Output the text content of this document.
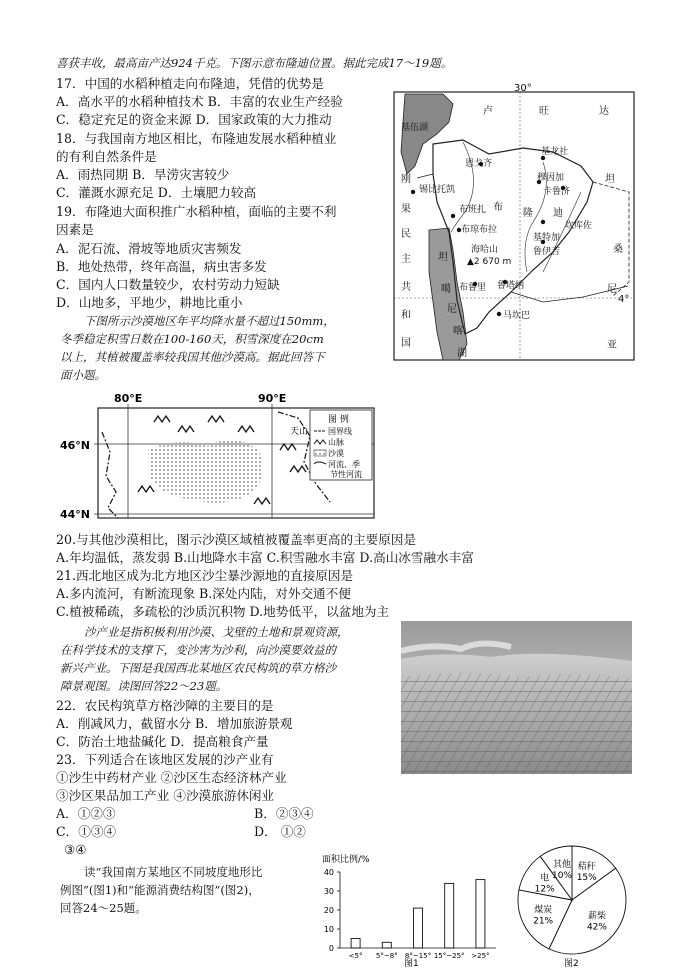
喜获丰收，最高亩产达924千克。下图示意布隆迪位置。据此完成17～19题。
17．中国的水稻种植走向布隆迪，凭借的优势是
A．高水平的水稻种植技术 B．丰富的农业生产经验
C．稳定充足的资金来源 D．国家政策的大力推动
18．与我国南方地区相比，布隆迪发展水稻种植业
的有利自然条件是
A．雨热同期 B．旱涝灾害较少
C．灌溉水源充足 D．土壤肥力较高
19．布隆迪大面积推广水稻种植，面临的主要不利
因素是
A．泥石流、滑坡等地质灾害频发
B．地处热带，终年高温，病虫害多发
C．国内人口数量较少，农村劳动力短缺
D．山地多，平地少，耕地比重小
下图所示沙漠地区年平均降水量不超过150mm，
冬季稳定积雪日数在100-160天，积雪深度在20cm
以上，其植被覆盖率较我国其他沙漠高。据此回答下
面小题。
30°
4°
卢	旺	达
基伍湖
基龙社
穆因加
锡比托凯
恩戈齐
卡鲁济
布班扎 布
隆 迪
布琼布拉	坎库佐
基特加
鲁伊吉
海哈山
▲2 670 m
布鲁里 鲁塔纳
马坎巴
坦
噶
尼
喀
湖
刚
果
民
主
共
和
国
坦
桑
尼
亚
80°E	90°E
46°N
44°N
天山
图 例
国界线
山脉
沙漠
河流、季
节性河流
20.与其他沙漠相比，图示沙漠区域植被覆盖率更高的主要原因是
A.年均温低，蒸发弱 B.山地降水丰富 C.积雪融水丰富 D.高山冰雪融水丰富
21.西北地区成为北方地区沙尘暴沙源地的直接原因是
A.多内流河，有断流现象 B.深处内陆，对外交通不便
C.植被稀疏，多疏松的沙质沉积物 D.地势低平，以盆地为主
沙产业是指积极利用沙漠、戈壁的土地和景观资源，
在科学技术的支撑下，变沙害为沙利，向沙漠要效益的
新兴产业。下图是我国西北某地区农民构筑的草方格沙
障景观图。读图回答22～23题。
22．农民构筑草方格沙障的主要目的是
A．削减风力，截留水分 B．增加旅游景观
C．防治土地盐碱化 D．提高粮食产量
23．下列适合在该地区发展的沙产业有
①沙生中药材产业 ②沙区生态经济林产业
③沙区果品加工产业 ④沙漠旅游休闲业
A．①②③	B．②③④
C．①③④	D． ①②
③④
读“我国南方某地区不同坡度地形比
例图”(图1)和“能源消费结构图”(图2)，
回答24～25题。
面积比例/%
0
10
20
30
40
<5° 5°~8° 8°~15° 15°~25° >25°
图1
秸秆
15%
薪柴
42%
煤炭
21%
电
12%
其他
10%
图2
